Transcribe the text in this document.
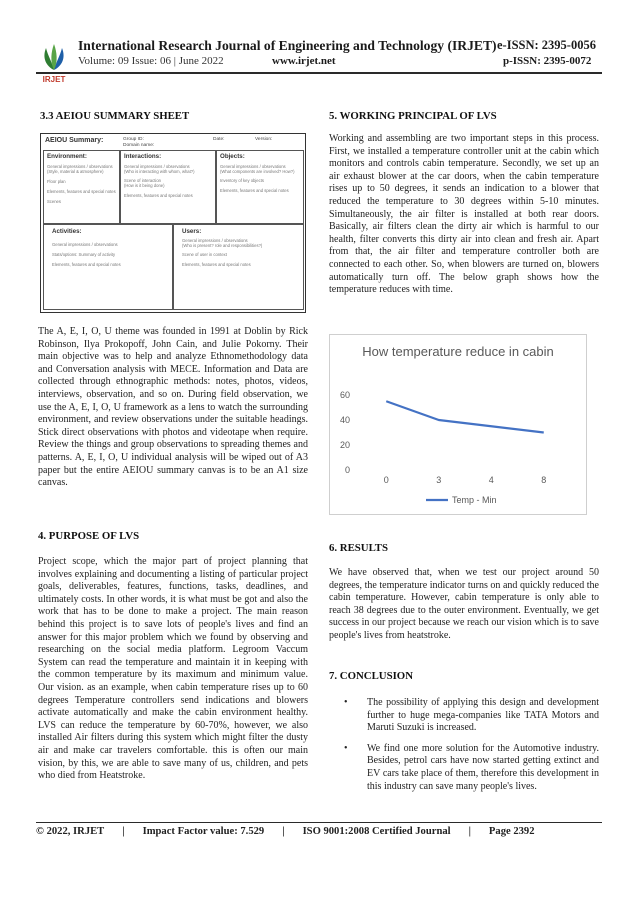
IRJET
International Research Journal of Engineering and Technology (IRJET) e-ISSN: 2395-0056
Volume: 09 Issue: 06 | June 2022	www.irjet.net	p-ISSN: 2395-0072
3.3 AEIOU SUMMARY SHEET
AEIOU Summary:	Group ID:
Domain name:
Date:	Version:
Environment:
General impressions / observations
(Style, material & atmosphere)
Floor plan
Elements, features and special notes
Scenes
Interactions:
General impressions / observations
(Who is interacting with whom, what?)
Scene of interaction
(How is it being done)
Elements, features and special notes
Objects:
General impressions / observations
(What components are involved? How?)
Inventory of key objects
Elements, features and special notes
Activities:
General impressions / observations
Stats/options: Summary of activity
Elements, features and special notes
Users:
General impressions / observations
(Who is present? role and responsibilities?)
Scene of user in context
Elements, features and special notes
The A, E, I, O, U theme was founded in 1991 at Doblin by Rick Robinson, Ilya Prokopoff, John Cain, and Julie Pokorny. Their main objective was to help and analyze Ethnomethodology data and Conversation analysis with MECE. Information and Data are collected through ethnographic methods: notes, photos, videos, interviews, observation, and so on. During field observation, we use the A, E, I, O, U framework as a lens to watch the surrounding environment, and review observations under the suitable headings. Stick direct observations with photos and videotape when require. Review the things and group observations to spreading themes and patterns. A, E, I, O, U individual analysis will be wiped out of A3 paper but the entire AEIOU summary canvas is to be an A1 size canvas.
4. PURPOSE OF LVS
Project scope, which the major part of project planning that involves explaining and documenting a listing of particular project goals, deliverables, features, functions, tasks, deadlines, and ultimately costs. In other words, it is what must be got and also the work that has to be done to make a project. The main reason behind this project is to save lots of people's lives and find an answer for this major problem which we found by observing and researching on the social media platform. Legroom Vaccum System can read the temperature and maintain it in keeping with the common temperature by its maximum and minimum value. Our vision. as an example, when cabin temperature rises up to 60 degrees Temperature controllers send indications and blowers activate automatically and make the cabin environment healthy. LVS can reduce the temperature by 60-70%, however, we also installed Air filters during this system which might filter the dusty air and make car travelers comfortable. this is often our main vision, by this, we are able to save many of us, children, and pets who died from Heatstroke.
5. WORKING PRINCIPAL OF LVS
Working and assembling are two important steps in this process. First, we installed a temperature controller unit at the cabin which monitors and controls cabin temperature. Secondly, we set up an air exhaust blower at the car doors, when the cabin temperature rises up to 50 degrees, it sends an indication to a blower that reduced the temperature to 30 degrees within 5-10 minutes. Simultaneously, the air filter is installed at both rear doors. Basically, air filters clean the dirty air which is harmful to our health, filter converts this dirty air into clean and fresh air. Apart from that, the air filter and temperature controller both are connected to each other. So, when blowers are turned on, blowers automatically turn off. The below graph shows how the temperature reduces with time.
How temperature reduce in cabin
0
20
40
60
0	3	4	8
Temp - Min
6. RESULTS
We have observed that, when we test our project around 50 degrees, the temperature indicator turns on and quickly reduced the cabin temperature. However, cabin temperature is only able to reach 38 degrees due to the outer environment. Eventually, we get success in our project because we reach our vision which is to save people's lives from heatstroke.
7. CONCLUSION
• The possibility of applying this design and development further to huge mega-companies like TATA Motors and Maruti Suzuki is increased.
• We find one more solution for the Automotive industry. Besides, petrol cars have now started getting extinct and EV cars take place of them, therefore this development in this industry can save many people's lives.
© 2022, IRJET | Impact Factor value: 7.529 | ISO 9001:2008 Certified Journal | Page 2392
